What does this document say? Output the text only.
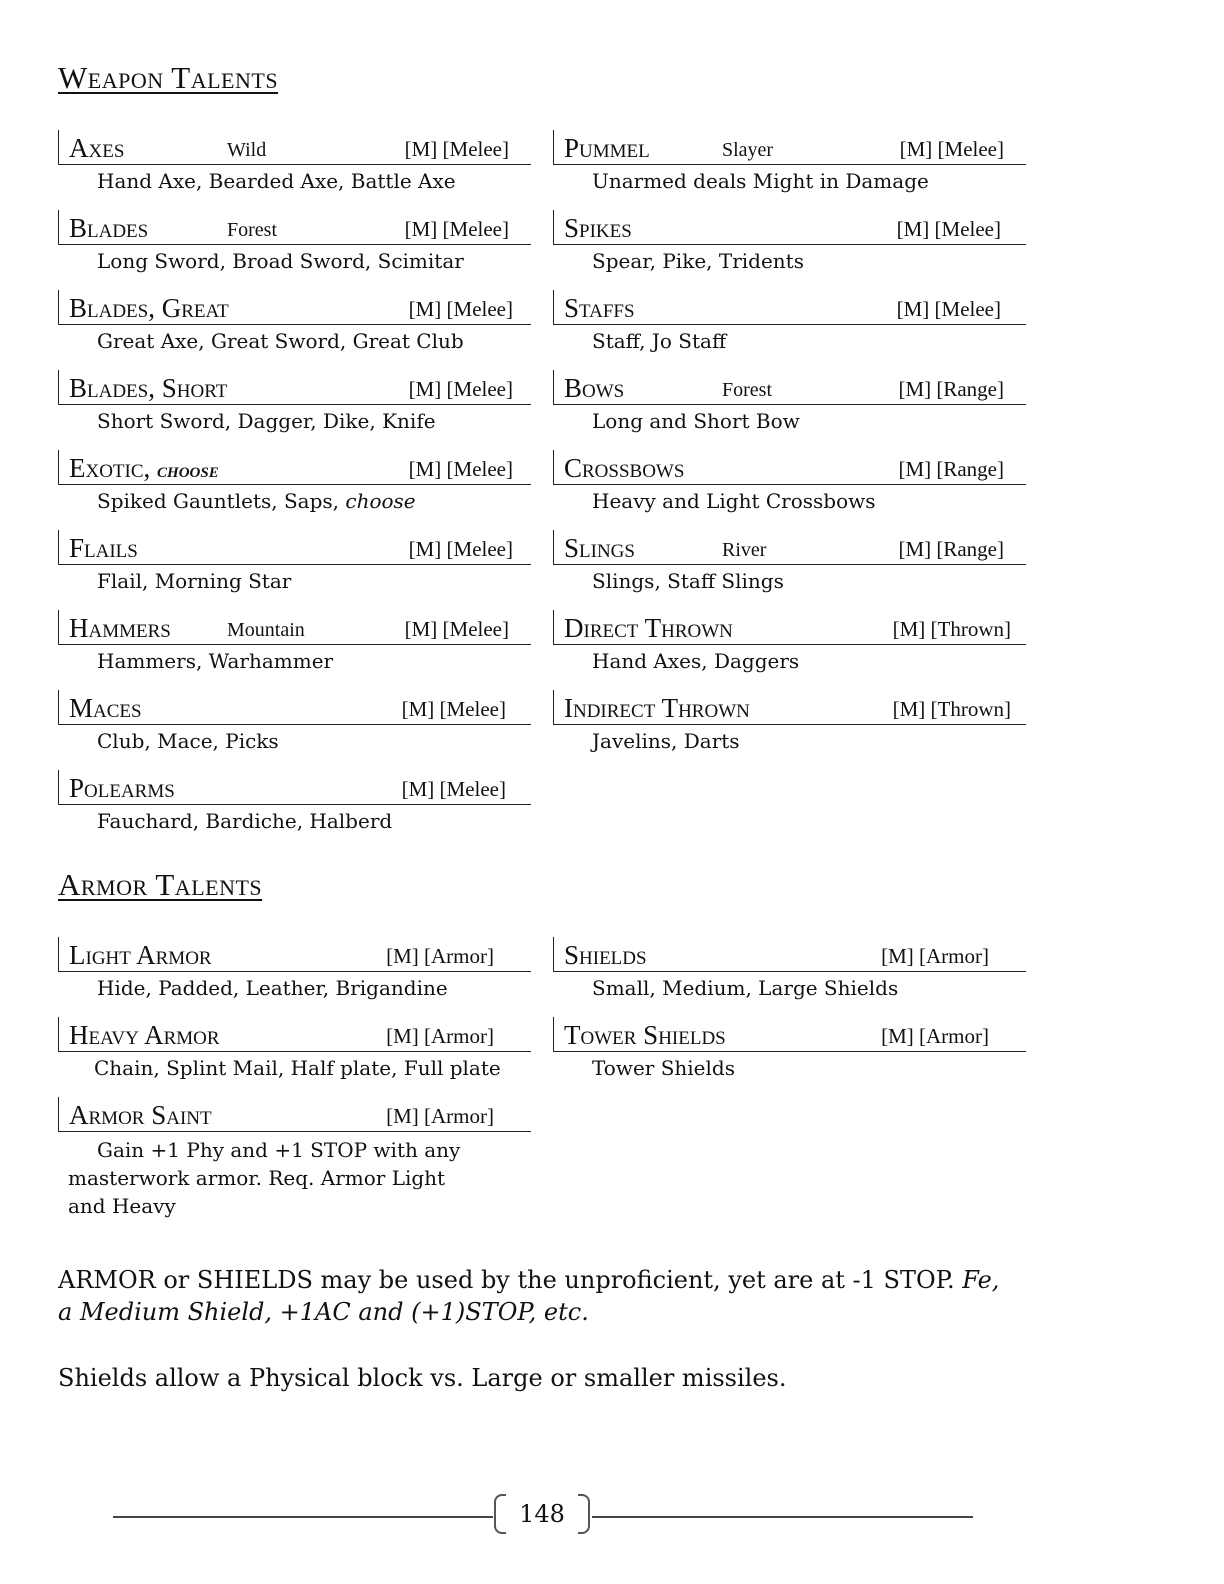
Weapon Talents
Axes	Wild	[M] [Melee]
Hand Axe, Bearded Axe, Battle Axe
Blades	Forest	[M] [Melee]
Long Sword, Broad Sword, Scimitar
Blades, Great	[M] [Melee]
Great Axe, Great Sword, Great Club
Blades, Short	[M] [Melee]
Short Sword, Dagger, Dike, Knife
Exotic, choose	[M] [Melee]
Spiked Gauntlets, Saps, choose
Flails	[M] [Melee]
Flail, Morning Star
Hammers	Mountain	[M] [Melee]
Hammers, Warhammer
Maces	[M] [Melee]
Club, Mace, Picks
Polearms	[M] [Melee]
Fauchard, Bardiche, Halberd
Pummel	Slayer	[M] [Melee]
Unarmed deals Might in Damage
Spikes	[M] [Melee]
Spear, Pike, Tridents
Staffs	[M] [Melee]
Staff, Jo Staff
Bows	Forest	[M] [Range]
Long and Short Bow
Crossbows	[M] [Range]
Heavy and Light Crossbows
Slings	River	[M] [Range]
Slings, Staff Slings
Direct Thrown	[M] [Thrown]
Hand Axes, Daggers
Indirect Thrown	[M] [Thrown]
Javelins, Darts
Armor Talents
Light Armor	[M] [Armor]
Hide, Padded, Leather, Brigandine
Heavy Armor	[M] [Armor]
Chain, Splint Mail, Half plate, Full plate
Armor Saint	[M] [Armor]
Gain +1 Phy and +1 STOP with any masterwork armor. Req. Armor Light and Heavy
Shields	[M] [Armor]
Small, Medium, Large Shields
Tower Shields	[M] [Armor]
Tower Shields

ARMOR or SHIELDS may be used by the unproficient, yet are at -1 STOP. Fe, a Medium Shield, +1AC and (+1)STOP, etc.

Shields allow a Physical block vs. Large or smaller missiles.

148
